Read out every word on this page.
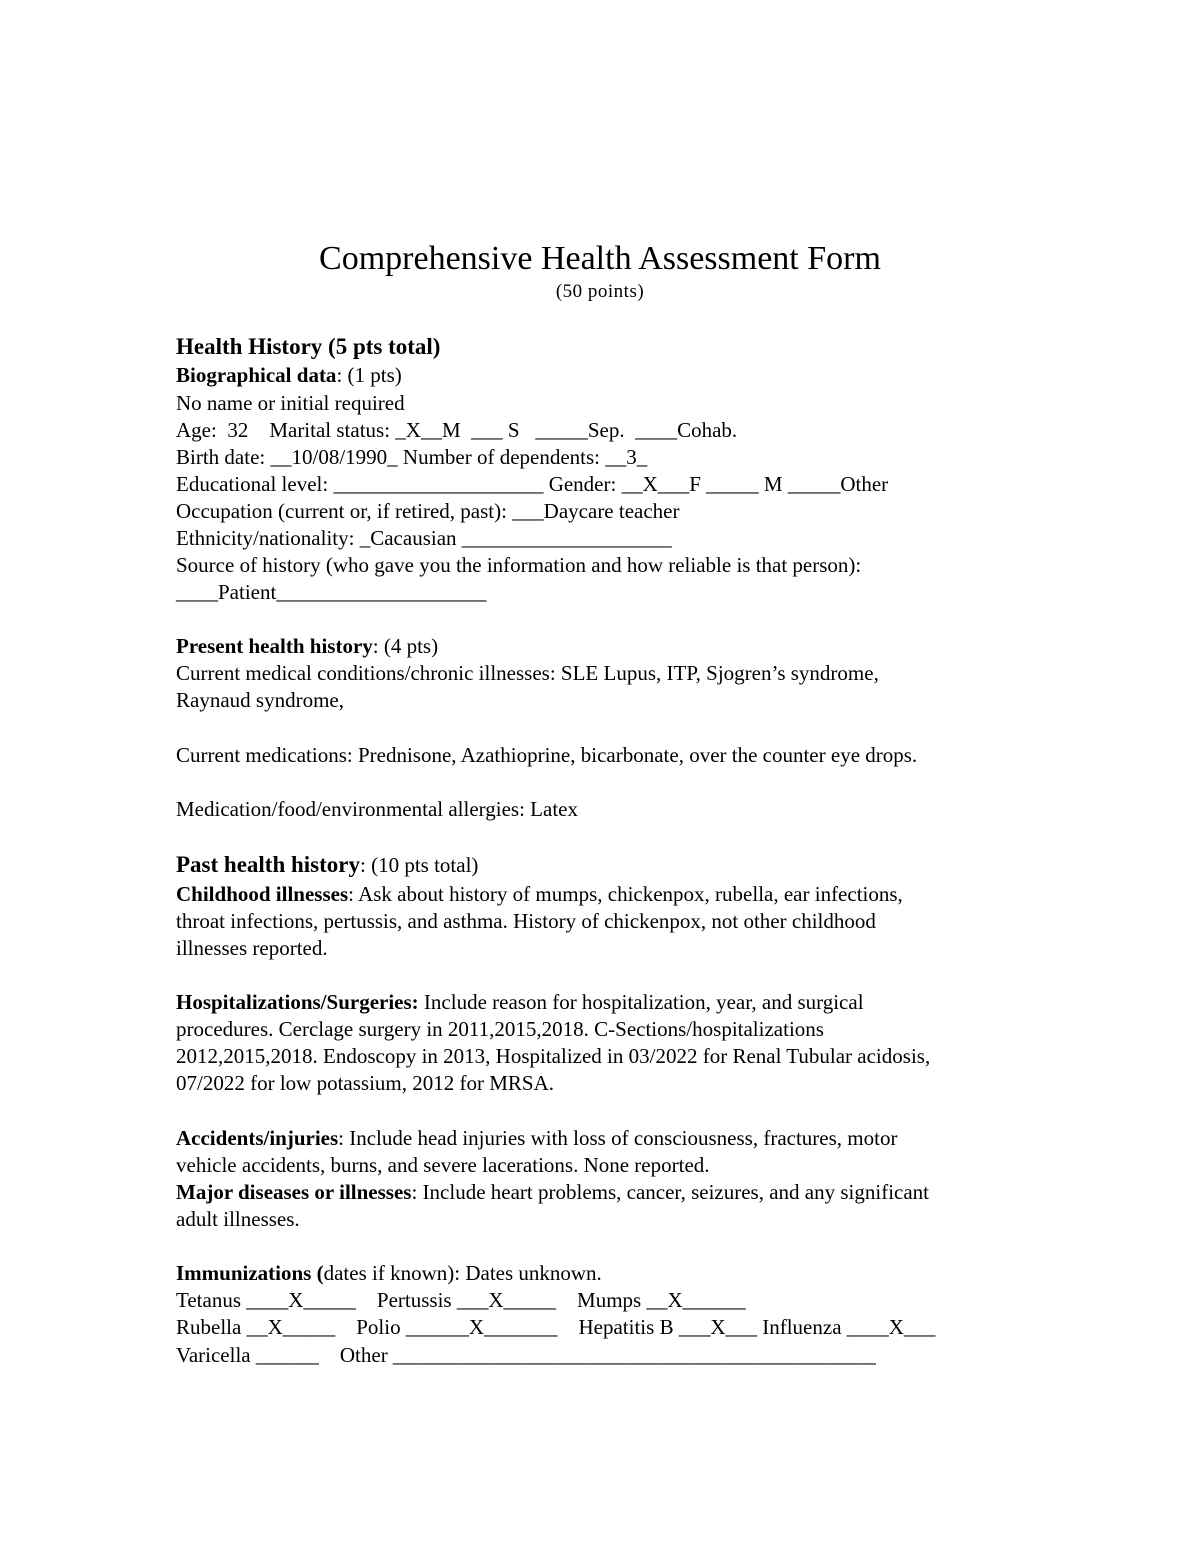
Comprehensive Health Assessment Form
(50 points)
Health History (5 pts total)
Biographical data: (1 pts)
No name or initial required
Age:  32    Marital status: _X__M  ___ S   _____Sep.  ____Cohab.
Birth date: __10/08/1990_ Number of dependents: __3_
Educational level: ____________________ Gender: __X___F _____ M _____Other
Occupation (current or, if retired, past): ___Daycare teacher
Ethnicity/nationality: _Cacausian ____________________
Source of history (who gave you the information and how reliable is that person):
____Patient____________________
Present health history: (4 pts)
Current medical conditions/chronic illnesses: SLE Lupus, ITP, Sjogren’s syndrome,
Raynaud syndrome,
Current medications: Prednisone, Azathioprine, bicarbonate, over the counter eye drops.
Medication/food/environmental allergies: Latex
Past health history: (10 pts total)
Childhood illnesses: Ask about history of mumps, chickenpox, rubella, ear infections,
throat infections, pertussis, and asthma. History of chickenpox, not other childhood
illnesses reported.
Hospitalizations/Surgeries: Include reason for hospitalization, year, and surgical
procedures. Cerclage surgery in 2011,2015,2018. C-Sections/hospitalizations
2012,2015,2018. Endoscopy in 2013, Hospitalized in 03/2022 for Renal Tubular acidosis,
07/2022 for low potassium, 2012 for MRSA.
Accidents/injuries: Include head injuries with loss of consciousness, fractures, motor
vehicle accidents, burns, and severe lacerations. None reported.
Major diseases or illnesses: Include heart problems, cancer, seizures, and any significant
adult illnesses.
Immunizations (dates if known): Dates unknown.
Tetanus ____X_____    Pertussis ___X_____    Mumps __X______
Rubella __X_____    Polio ______X_______    Hepatitis B ___X___ Influenza ____X___
Varicella ______    Other ______________________________________________
